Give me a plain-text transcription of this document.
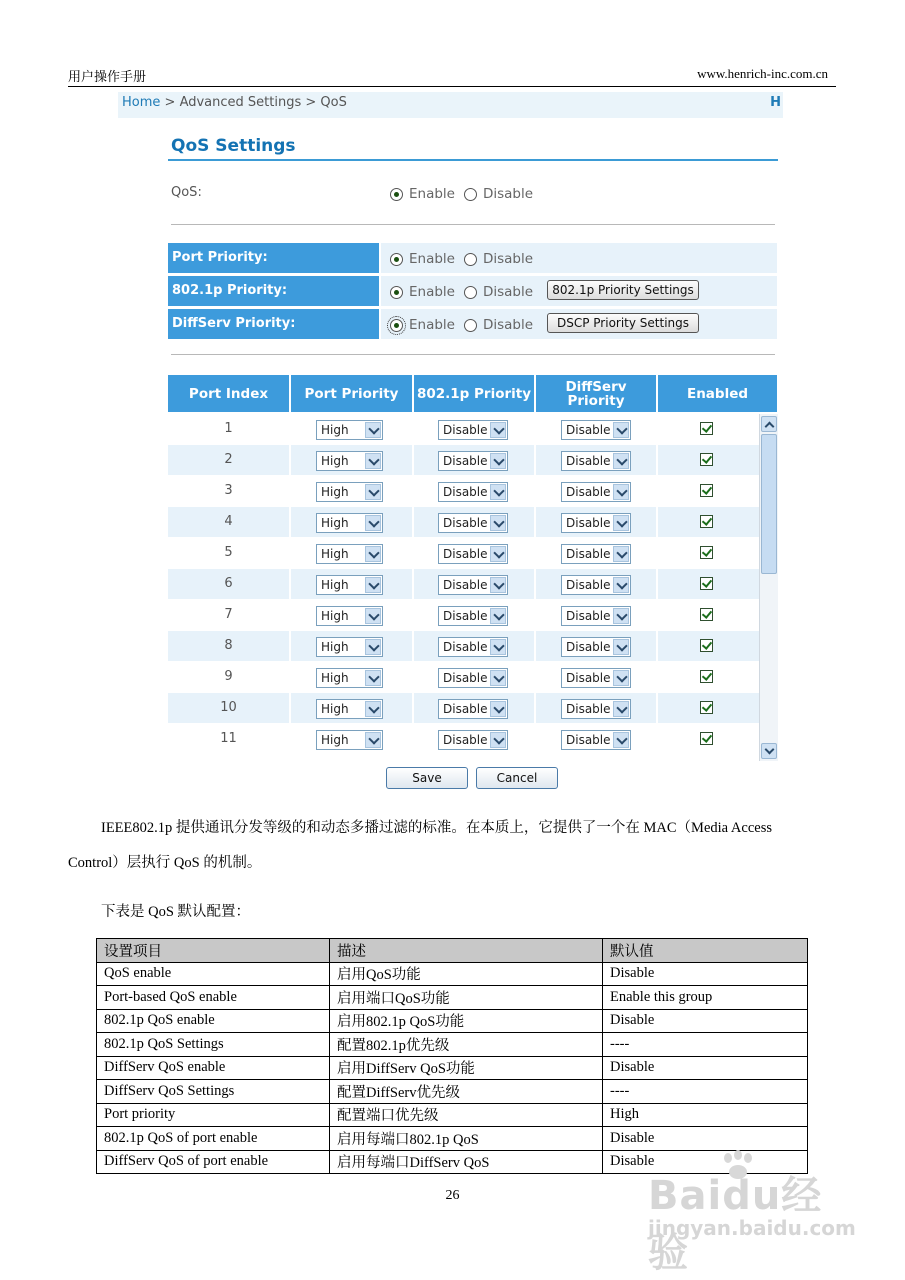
用户操作手册	www.henrich-inc.com.cn
Home > Advanced Settings > QoS	H
QoS Settings
QoS:	Enable Disable
Port Priority:	Enable Disable
802.1p Priority:	Enable Disable	802.1p Priority Settings
DiffServ Priority:	Enable Disable	DSCP Priority Settings
Port Index	Port Priority	802.1p Priority	DiffServ Priority	Enabled
1	High	Disable	Disable
2	High	Disable	Disable
3	High	Disable	Disable
4	High	Disable	Disable
5	High	Disable	Disable
6	High	Disable	Disable
7	High	Disable	Disable
8	High	Disable	Disable
9	High	Disable	Disable
10	High	Disable	Disable
11	High	Disable	Disable
Save	Cancel
IEEE802.1p 提供通讯分发等级的和动态多播过滤的标准。在本质上，它提供了一个在 MAC（Media Access
Control）层执行 QoS 的机制。
下表是 QoS 默认配置：
设置项目	描述	默认值
QoS enable	启用QoS功能	Disable
Port-based QoS enable	启用端口QoS功能	Enable this group
802.1p QoS enable	启用802.1p QoS功能	Disable
802.1p QoS Settings	配置802.1p优先级	----
DiffServ QoS enable	启用DiffServ QoS功能	Disable
DiffServ QoS Settings	配置DiffServ优先级	----
Port priority	配置端口优先级	High
802.1p QoS of port enable	启用每端口802.1p QoS	Disable
DiffServ QoS of port enable	启用每端口DiffServ QoS	Disable
26	Baidu经验
jingyan.baidu.com
